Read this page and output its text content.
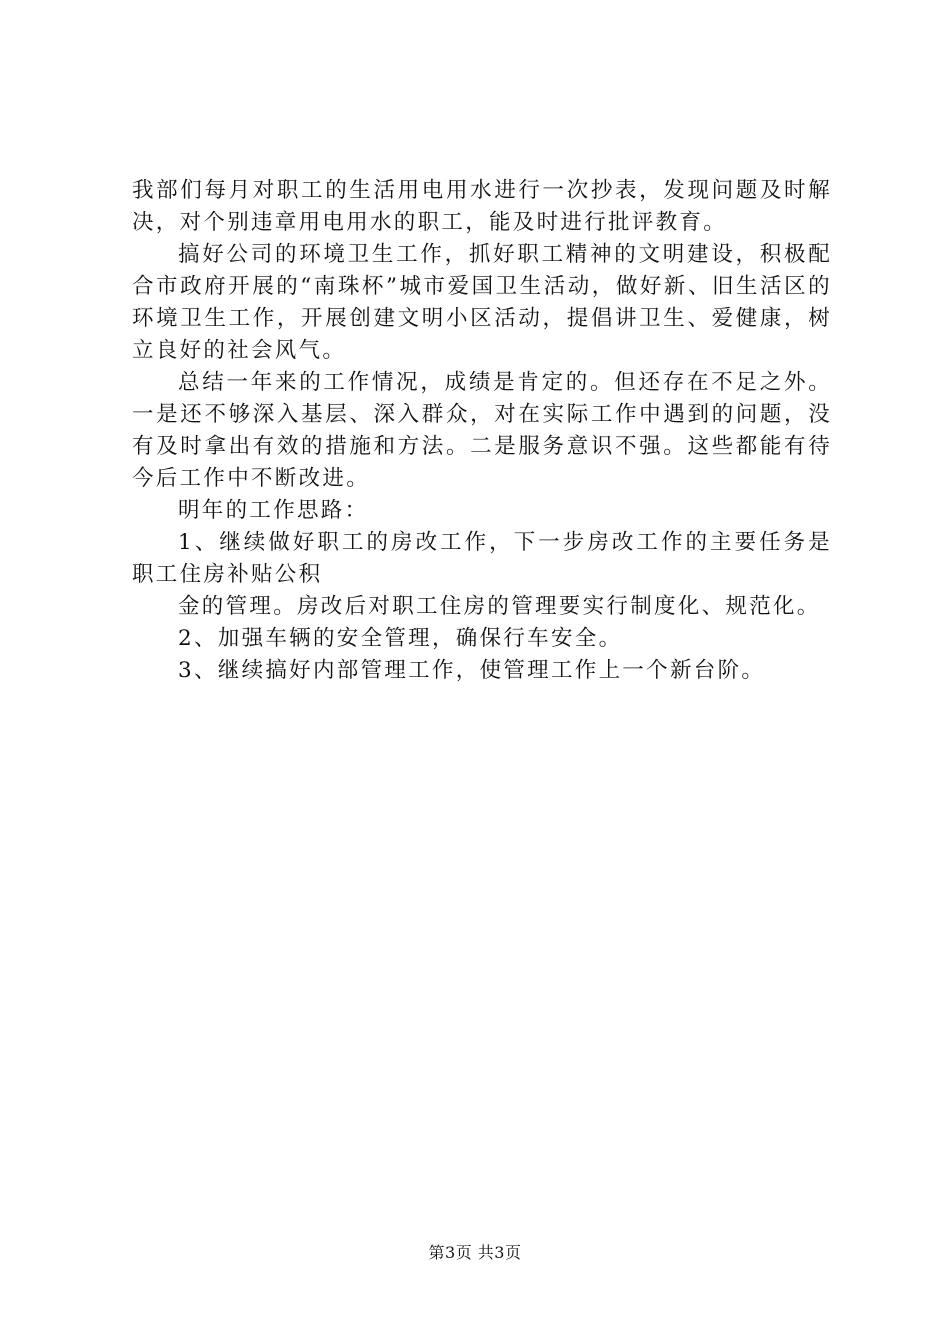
我部们每月对职工的生活用电用水进行一次抄表，发现问题及时解决，对个别违章用电用水的职工，能及时进行批评教育。

搞好公司的环境卫生工作，抓好职工精神的文明建设，积极配合市政府开展的“南珠杯”城市爱国卫生活动，做好新、旧生活区的环境卫生工作，开展创建文明小区活动，提倡讲卫生、爱健康，树立良好的社会风气。

总结一年来的工作情况，成绩是肯定的。但还存在不足之外。一是还不够深入基层、深入群众，对在实际工作中遇到的问题，没有及时拿出有效的措施和方法。二是服务意识不强。这些都能有待今后工作中不断改进。

明年的工作思路：

1、继续做好职工的房改工作，下一步房改工作的主要任务是职工住房补贴公积

金的管理。房改后对职工住房的管理要实行制度化、规范化。

2、加强车辆的安全管理，确保行车安全。

3、继续搞好内部管理工作，使管理工作上一个新台阶。

第3页 共3页
